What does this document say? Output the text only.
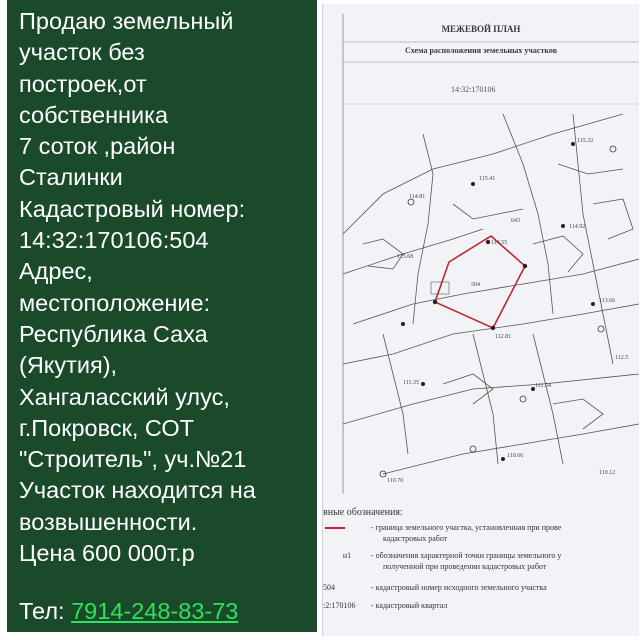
Продаю земельный
участок без
построек,от
собственника
7 соток ,район
Сталинки
Кадастровый номер:
14:32:170106:504
Адрес,
местоположение:
Республика Саха
(Якутия),
Хангаласский улус,
г.Покровск, СОТ
"Строитель", уч.№21
Участок находится на
возвышенности.
Цена 600 000т.р
Тел: 7914-248-83-73
МЕЖЕВОЙ ПЛАН
Схема расположения земельных участков
14:32:170106
504
643
115.41
114.81
114.55
114.92
115.68
113.66
112.81
112.5
111.35	111.54
110.66
110.12
110.70
115.32
вные обозначения:
- граница земельного участка, установленная при прове
кадастровых работ
н1 - обозначения характерной точки границы земельного у
полученной при проведении кадастровых работ
504	- кадастровый номер исходного земельного участка
:2:170106 - кадастровый квартал
